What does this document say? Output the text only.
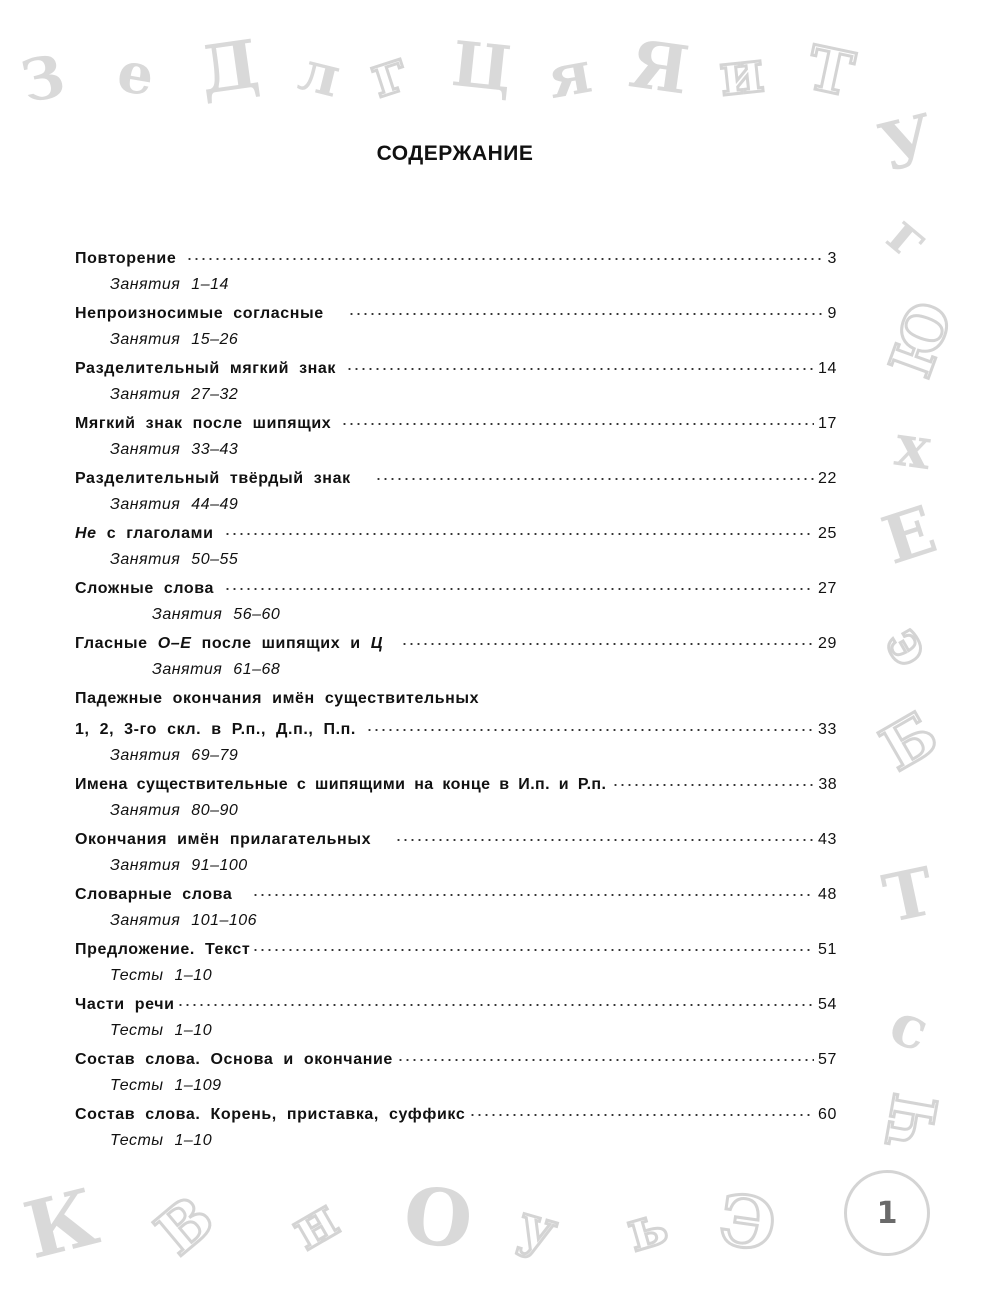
З е Д л г Ц я Я и Т
У
г
Ю
х
Е
э
Б
Т
с
Ч
К В н О у ь Э
СОДЕРЖАНИЕ
Повторение	3
Занятия 1–14
Непроизносимые согласные	9
Занятия 15–26
Разделительный мягкий знак	14
Занятия 27–32
Мягкий знак после шипящих	17
Занятия 33–43
Разделительный твёрдый знак	22
Занятия 44–49
Не с глаголами	25
Занятия 50–55
Сложные слова	27
Занятия 56–60
Гласные О–Е после шипящих и Ц	29
Занятия 61–68
Падежные окончания имён существительных
1, 2, 3-го скл. в Р.п., Д.п., П.п.	33
Занятия 69–79
Имена существительные с шипящими на конце в И.п. и Р.п.	38
Занятия 80–90
Окончания имён прилагательных	43
Занятия 91–100
Словарные слова	48
Занятия 101–106
Предложение. Текст	51
Тесты 1–10
Части речи	54
Тесты 1–10
Состав слова. Основа и окончание	57
Тесты 1–109
Состав слова. Корень, приставка, суффикс	60
Тесты 1–10
1
